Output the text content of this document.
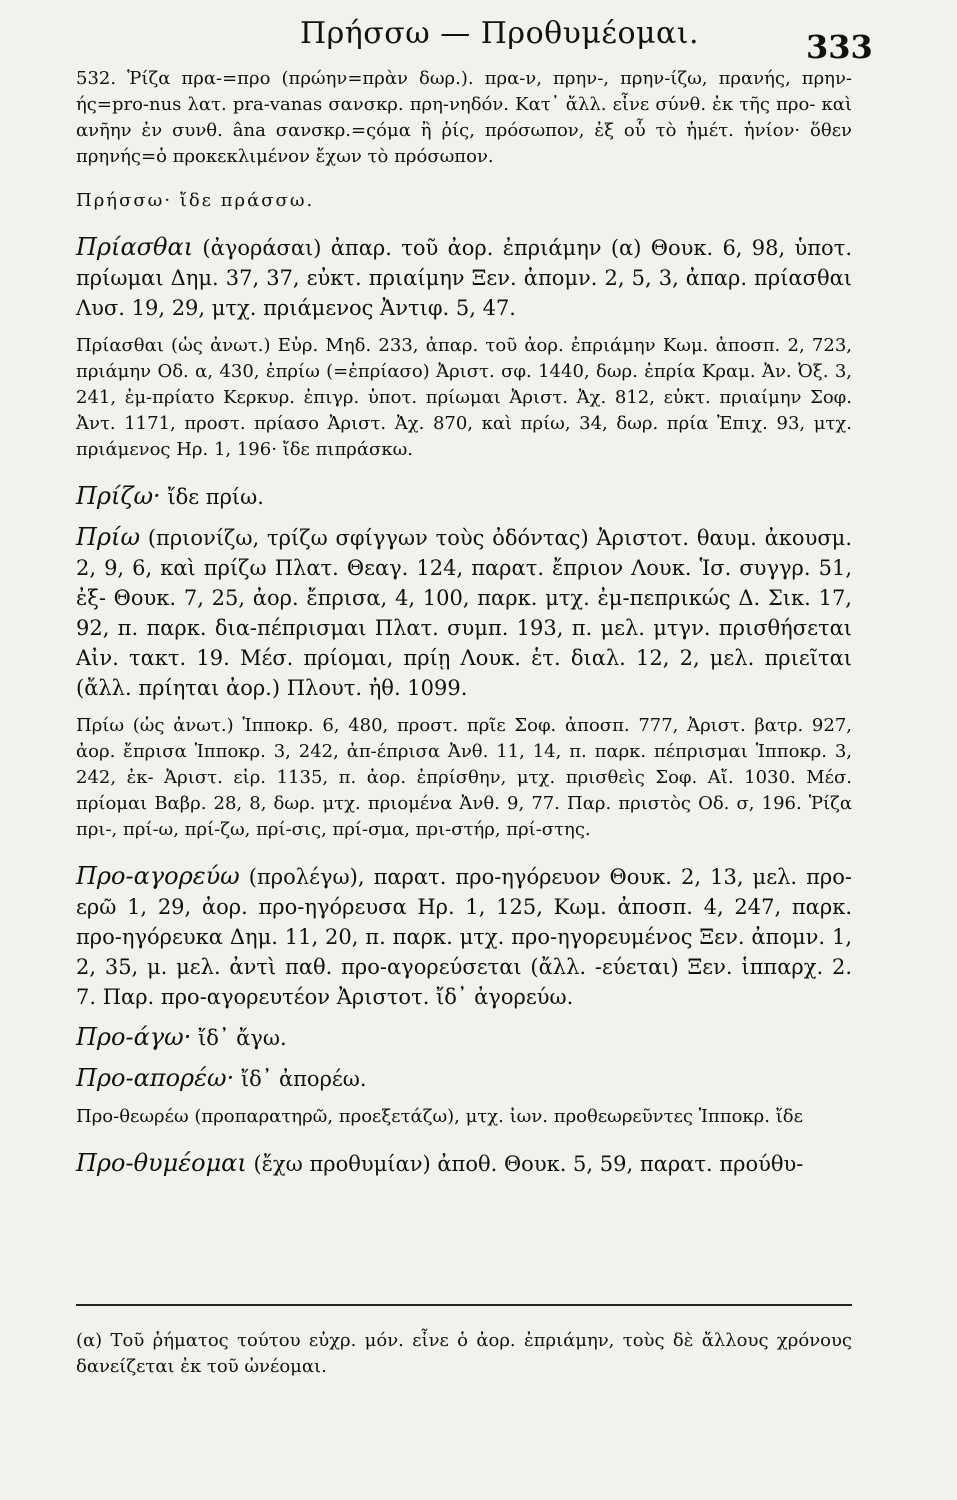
Πρήσσω — Προθυμέομαι.	333

532. Ῥίζα πρα-=προ (πρώην=πρὰν δωρ.). πρα-ν, πρην-, πρην-ίζω, πρανής, πρην-ής=pro-nus λατ. pra-vanas σανσκρ. πρη-νηδόν. Κατ᾽ ἄλλ. εἶνε σύνθ. ἐκ τῆς προ- καὶ ανῆην ἐν συνθ. âna σανσκρ.=ςόμα ἢ ῥίς, πρόσωπον, ἐξ οὗ τὸ ἡμέτ. ἡνίον· ὅθεν πρηνής=ὁ προκεκλιμένον ἔχων τὸ πρόσωπον.

Πρήσσω· ἴδε πράσσω.

Πρίασθαι (ἀγοράσαι) ἀπαρ. τοῦ ἀορ. ἐπριάμην (α) Θουκ. 6, 98, ὑποτ. πρίωμαι Δημ. 37, 37, εὐκτ. πριαίμην Ξεν. ἀπομν. 2, 5, 3, ἀπαρ. πρίασθαι Λυσ. 19, 29, μτχ. πριάμενος Ἀντιφ. 5, 47.

Πρίασθαι (ὡς ἀνωτ.) Εὐρ. Μηδ. 233, ἀπαρ. τοῦ ἀορ. ἐπριάμην Κωμ. ἀποσπ. 2, 723, πριάμην Οδ. α, 430, ἐπρίω (=ἐπρίασο) Ἀριστ. σφ. 1440, δωρ. ἐπρία Κραμ. Ἀν. Ὀξ. 3, 241, ἐμ-πρίατο Κερκυρ. ἐπιγρ. ὑποτ. πρίωμαι Ἀριστ. Ἀχ. 812, εὐκτ. πριαίμην Σοφ. Ἀντ. 1171, προστ. πρίασο Ἀριστ. Ἀχ. 870, καὶ πρίω, 34, δωρ. πρία Ἐπιχ. 93, μτχ. πριάμενος Ηρ. 1, 196· ἴδε πιπράσκω.

Πρίζω· ἴδε πρίω.

Πρίω (πριονίζω, τρίζω σφίγγων τοὺς ὀδόντας) Ἀριστοτ. θαυμ. ἀκουσμ. 2, 9, 6, καὶ πρίζω Πλατ. Θεαγ. 124, παρατ. ἔπριον Λουκ. Ἱσ. συγγρ. 51, ἐξ- Θουκ. 7, 25, ἀορ. ἔπρισα, 4, 100, παρκ. μτχ. ἐμ-πεπρικώς Δ. Σικ. 17, 92, π. παρκ. δια-πέπρισμαι Πλατ. συμπ. 193, π. μελ. μτγν. πρισθήσεται Αἰν. τακτ. 19. Μέσ. πρίομαι, πρίῃ Λουκ. ἑτ. διαλ. 12, 2, μελ. πριεῖται (ἄλλ. πρίηται ἀορ.) Πλουτ. ἠθ. 1099.

Πρίω (ὡς ἀνωτ.) Ἱπποκρ. 6, 480, προστ. πρῖε Σοφ. ἀποσπ. 777, Ἀριστ. βατρ. 927, ἀορ. ἔπρισα Ἱπποκρ. 3, 242, ἀπ-έπρισα Ἀνθ. 11, 14, π. παρκ. πέπρισμαι Ἱπποκρ. 3, 242, ἐκ- Ἀριστ. εἰρ. 1135, π. ἀορ. ἐπρίσθην, μτχ. πρισθεὶς Σοφ. Αἴ. 1030. Μέσ. πρίομαι Βαβρ. 28, 8, δωρ. μτχ. πριομένα Ἀνθ. 9, 77. Παρ. πριστὸς Οδ. σ, 196. Ῥίζα πρι-, πρί-ω, πρί-ζω, πρί-σις, πρί-σμα, πρι-στήρ, πρί-στης.

Προ-αγορεύω (προλέγω), παρατ. προ-ηγόρευον Θουκ. 2, 13, μελ. προ-ερῶ 1, 29, ἀορ. προ-ηγόρευσα Ηρ. 1, 125, Κωμ. ἀποσπ. 4, 247, παρκ. προ-ηγόρευκα Δημ. 11, 20, π. παρκ. μτχ. προ-ηγορευμένος Ξεν. ἀπομν. 1, 2, 35, μ. μελ. ἀντὶ παθ. προ-αγορεύσεται (ἄλλ. -εύεται) Ξεν. ἱππαρχ. 2. 7. Παρ. προ-αγορευτέον Ἀριστοτ. ἴδ᾽ ἀγορεύω.

Προ-άγω· ἴδ᾽ ἄγω.

Προ-απορέω· ἴδ᾽ ἀπορέω.

Προ-θεωρέω (προπαρατηρῶ, προεξετάζω), μτχ. ἰων. προθεωρεῦντες Ἱπποκρ. ἴδε

Προ-θυμέομαι (ἔχω προθυμίαν) ἀποθ. Θουκ. 5, 59, παρατ. προύθυ-

(α) Τοῦ ῥήματος τούτου εὐχρ. μόν. εἶνε ὁ ἀορ. ἐπριάμην, τοὺς δὲ ἄλλους χρόνους δανείζεται ἐκ τοῦ ὠνέομαι.
